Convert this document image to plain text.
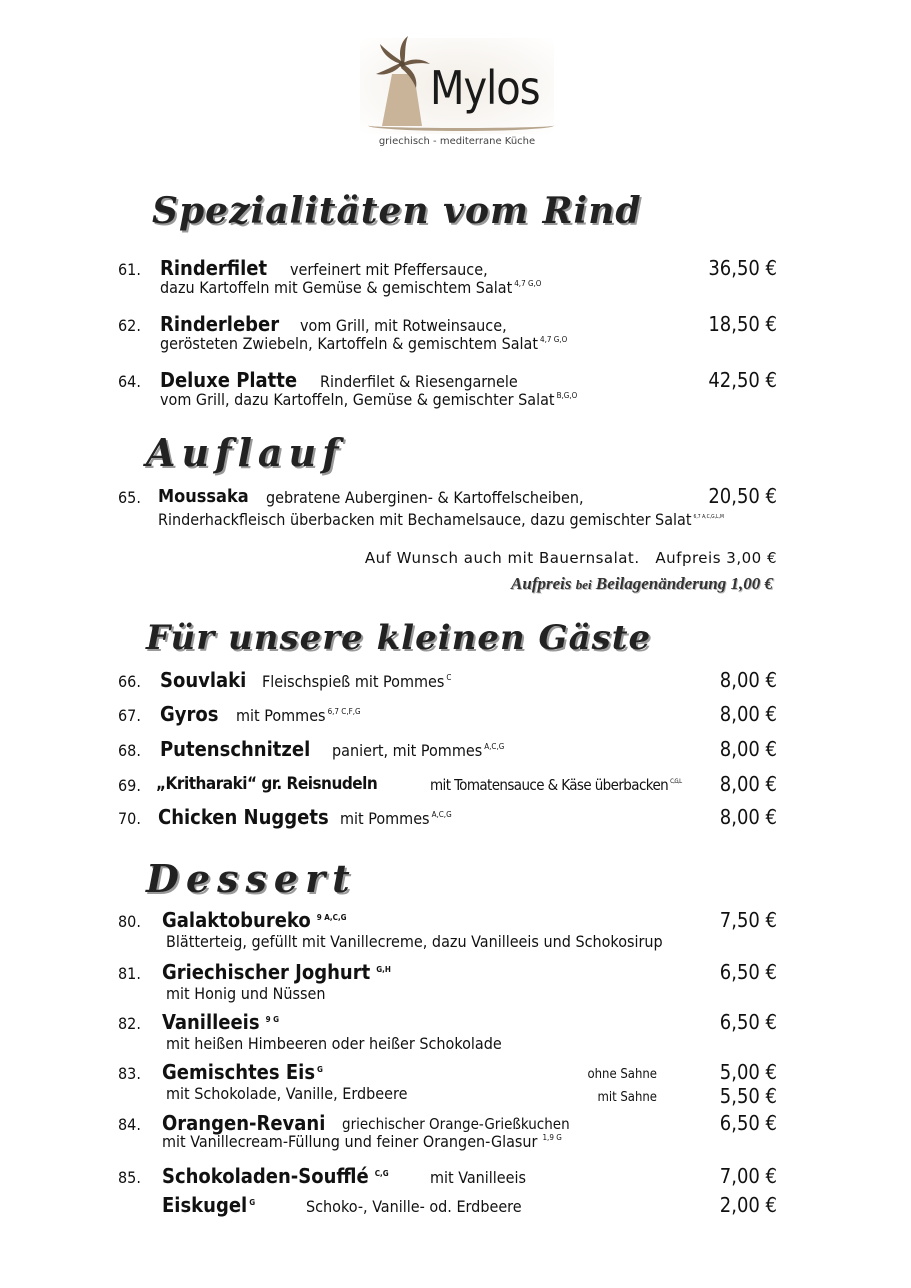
Mylos
griechisch - mediterrane Küche
Spezialitäten vom Rind
61. Rinderfilet verfeinert mit Pfeffersauce,
dazu Kartoffeln mit Gemüse & gemischtem Salat $^{4,7 G,O}$
36,50 €
62. Rinderleber vom Grill, mit Rotweinsauce,
gerösteten Zwiebeln, Kartoffeln & gemischtem Salat $^{4,7 G,O}$
18,50 €
64. Deluxe Platte Rinderfilet & Riesengarnele
vom Grill, dazu Kartoffeln, Gemüse & gemischter Salat $^{B,G,O}$
42,50 €
Auflauf
65. Moussaka gebratene Auberginen- & Kartoffelscheiben,
Rinderhackfleisch überbacken mit Bechamelsauce, dazu gemischter Salat $^{6,7 A,C,G,L,M}$
20,50 €
Auf Wunsch auch mit Bauernsalat.   Aufpreis 3,00 €
Aufpreis bei Beilagenänderung 1,00 €
Für unsere kleinen Gäste
66. Souvlaki Fleischspieß mit Pommes $^C$	8,00 €
67. Gyros mit Pommes $^{6,7 C,F,G}$	8,00 €
68. Putenschnitzel paniert, mit Pommes $^{A,C,G}$	8,00 €
69. „Kritharaki“ gr. Reisnudeln	mit Tomatensauce & Käse überbacken $^{C,G,L}$ 8,00 €
70. Chicken Nuggets mit Pommes $^{A,C,G}$	8,00 €
Dessert
80. Galaktobureko $^{9 A,C,G}$
Blätterteig, gefüllt mit Vanillecreme, dazu Vanilleeis und Schokosirup
7,50 €
81. Griechischer Joghurt $^{G,H}$
mit Honig und Nüssen
6,50 €
82. Vanilleeis $^{9 G}$
mit heißen Himbeeren oder heißer Schokolade
6,50 €
83. Gemischtes Eis $^G$
mit Schokolade, Vanille, Erdbeere
ohne Sahne	5,00 €
mit Sahne	5,50 €
84. Orangen-Revani griechischer Orange-Grießkuchen
mit Vanillecream-Füllung und feiner Orangen-Glasur $^{1,9 G}$
6,50 €
85. Schokoladen-Soufflé $^{C,G}$	mit Vanilleeis	7,00 €
Eiskugel $^G$	Schoko-, Vanille- od. Erdbeere	2,00 €
